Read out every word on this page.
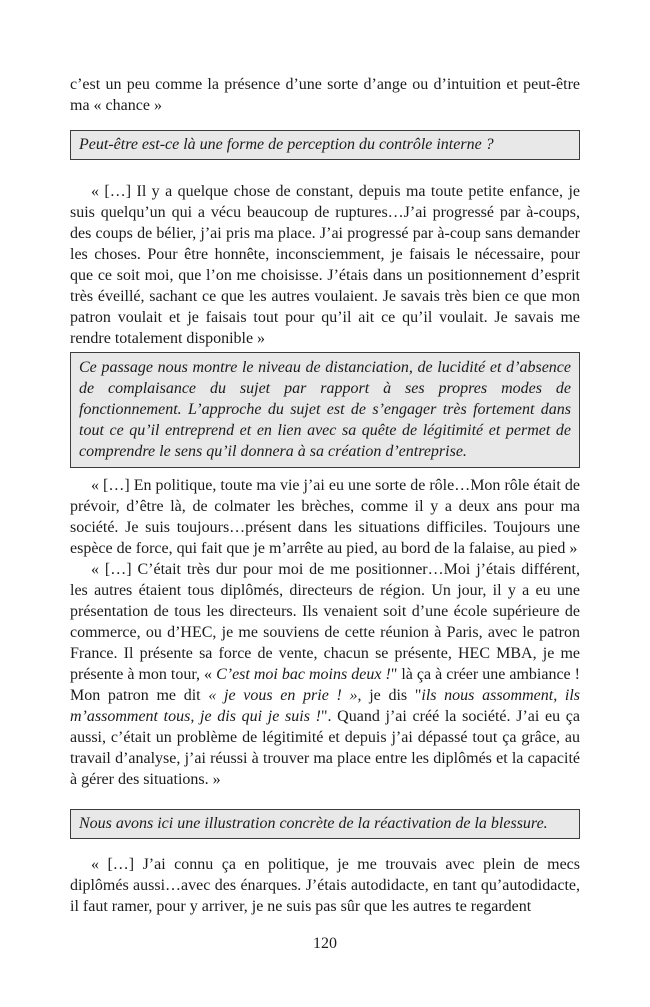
c’est un peu comme la présence d’une sorte d’ange ou d’intuition et peut-être ma « chance »

Peut-être est-ce là une forme de perception du contrôle interne ?

« […] Il y a quelque chose de constant, depuis ma toute petite enfance, je suis quelqu’un qui a vécu beaucoup de ruptures…J’ai progressé par à-coups, des coups de bélier, j’ai pris ma place. J’ai progressé par à-coup sans demander les choses. Pour être honnête, inconsciemment, je faisais le nécessaire, pour que ce soit moi, que l’on me choisisse. J’étais dans un positionnement d’esprit très éveillé, sachant ce que les autres voulaient. Je savais très bien ce que mon patron voulait et je faisais tout pour qu’il ait ce qu’il voulait. Je savais me rendre totalement disponible »

Ce passage nous montre le niveau de distanciation, de lucidité et d’absence de complaisance du sujet par rapport à ses propres modes de fonctionnement. L’approche du sujet est de s’engager très fortement dans tout ce qu’il entreprend et en lien avec sa quête de légitimité et permet de comprendre le sens qu’il donnera à sa création d’entreprise.

« […] En politique, toute ma vie j’ai eu une sorte de rôle…Mon rôle était de prévoir, d’être là, de colmater les brèches, comme il y a deux ans pour ma société. Je suis toujours…présent dans les situations difficiles. Toujours une espèce de force, qui fait que je m’arrête au pied, au bord de la falaise, au pied »

« […] C’était très dur pour moi de me positionner…Moi j’étais différent, les autres étaient tous diplômés, directeurs de région. Un jour, il y a eu une présentation de tous les directeurs. Ils venaient soit d’une école supérieure de commerce, ou d’HEC, je me souviens de cette réunion à Paris, avec le patron France. Il présente sa force de vente, chacun se présente, HEC MBA, je me présente à mon tour, « C’est moi bac moins deux !" là ça à créer une ambiance ! Mon patron me dit « je vous en prie ! », je dis "ils nous assomment, ils m’assomment tous, je dis qui je suis !". Quand j’ai créé la société. J’ai eu ça aussi, c’était un problème de légitimité et depuis j’ai dépassé tout ça grâce, au travail d’analyse, j’ai réussi à trouver ma place entre les diplômés et la capacité à gérer des situations. »

Nous avons ici une illustration concrète de la réactivation de la blessure.

« […] J’ai connu ça en politique, je me trouvais avec plein de mecs diplômés aussi…avec des énarques. J’étais autodidacte, en tant qu’autodidacte, il faut ramer, pour y arriver, je ne suis pas sûr que les autres te regardent

120
